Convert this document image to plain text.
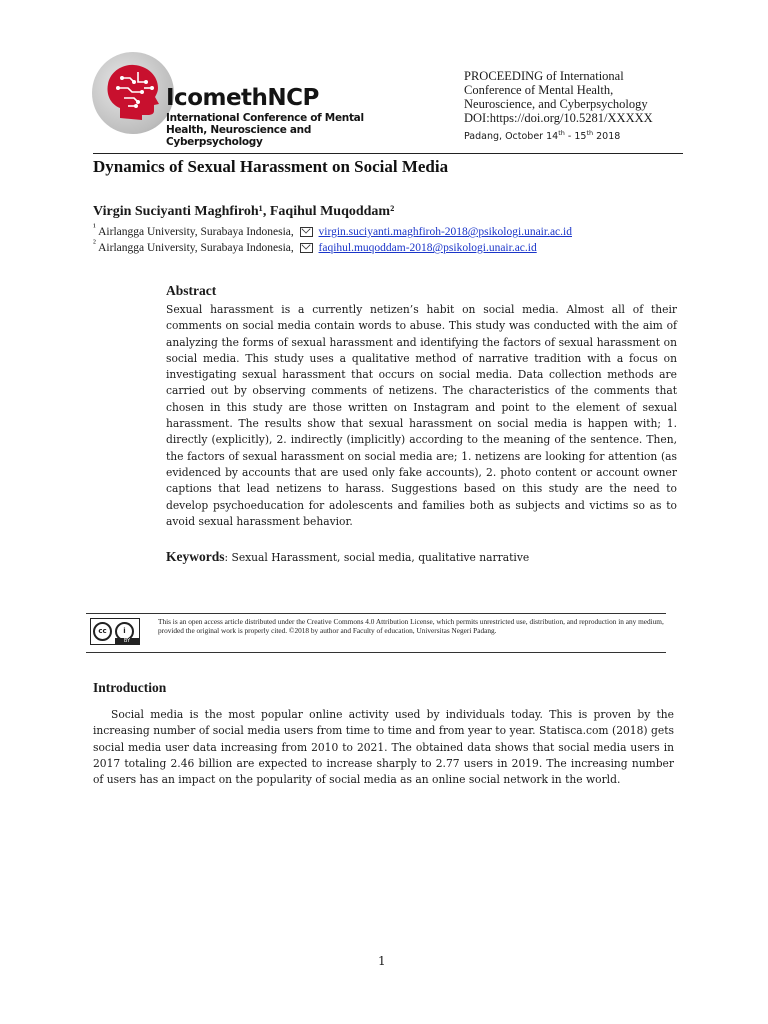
IcomethNCP
International Conference of Mental Health, Neuroscience and Cyberpsychology
PROCEEDING of International
Conference of Mental Health,
Neuroscience, and Cyberpsychology
DOI:https://doi.org/10.5281/XXXXX
Padang, October 14th - 15th 2018
Dynamics of Sexual Harassment on Social Media
Virgin Suciyanti Maghfiroh¹, Faqihul Muqoddam²
$^{^1}$ Airlangga University, Surabaya Indonesia,  virgin.suciyanti.maghfiroh-2018@psikologi.unair.ac.id
$^{^2}$ Airlangga University, Surabaya Indonesia,  faqihul.muqoddam-2018@psikologi.unair.ac.id
Abstract
Sexual harassment is a currently netizen’s habit on social media. Almost all of their comments on social media contain words to abuse. This study was conducted with the aim of analyzing the forms of sexual harassment and identifying the factors of sexual harassment on social media. This study uses a qualitative method of narrative tradition with a focus on investigating sexual harassment that occurs on social media. Data collection methods are carried out by observing comments of netizens. The characteristics of the comments that chosen in this study are those written on Instagram and point to the element of sexual harassment. The results show that sexual harassment on social media is happen with; 1. directly (explicitly), 2. indirectly (implicitly) according to the meaning of the sentence. Then, the factors of sexual harassment on social media are; 1. netizens are looking for attention (as evidenced by accounts that are used only fake accounts), 2. photo content or account owner captions that lead netizens to harass. Suggestions based on this study are the need to develop psychoeducation for adolescents and families both as subjects and victims so as to avoid sexual harassment behavior.
Keywords: Sexual Harassment, social media, qualitative narrative
cc	i
BY
This is an open access article distributed under the Creative Commons 4.0 Attribution License, which permits unrestricted use, distribution, and reproduction in any medium, provided the original work is properly cited. ©2018 by author and Faculty of education, Universitas Negeri Padang.
Introduction
Social media is the most popular online activity used by individuals today. This is proven by the increasing number of social media users from time to time and from year to year. Statisca.com (2018) gets social media user data increasing from 2010 to 2021. The obtained data shows that social media users in 2017 totaling 2.46 billion are expected to increase sharply to 2.77 users in 2019. The increasing number of users has an impact on the popularity of social media as an online social network in the world.
1
